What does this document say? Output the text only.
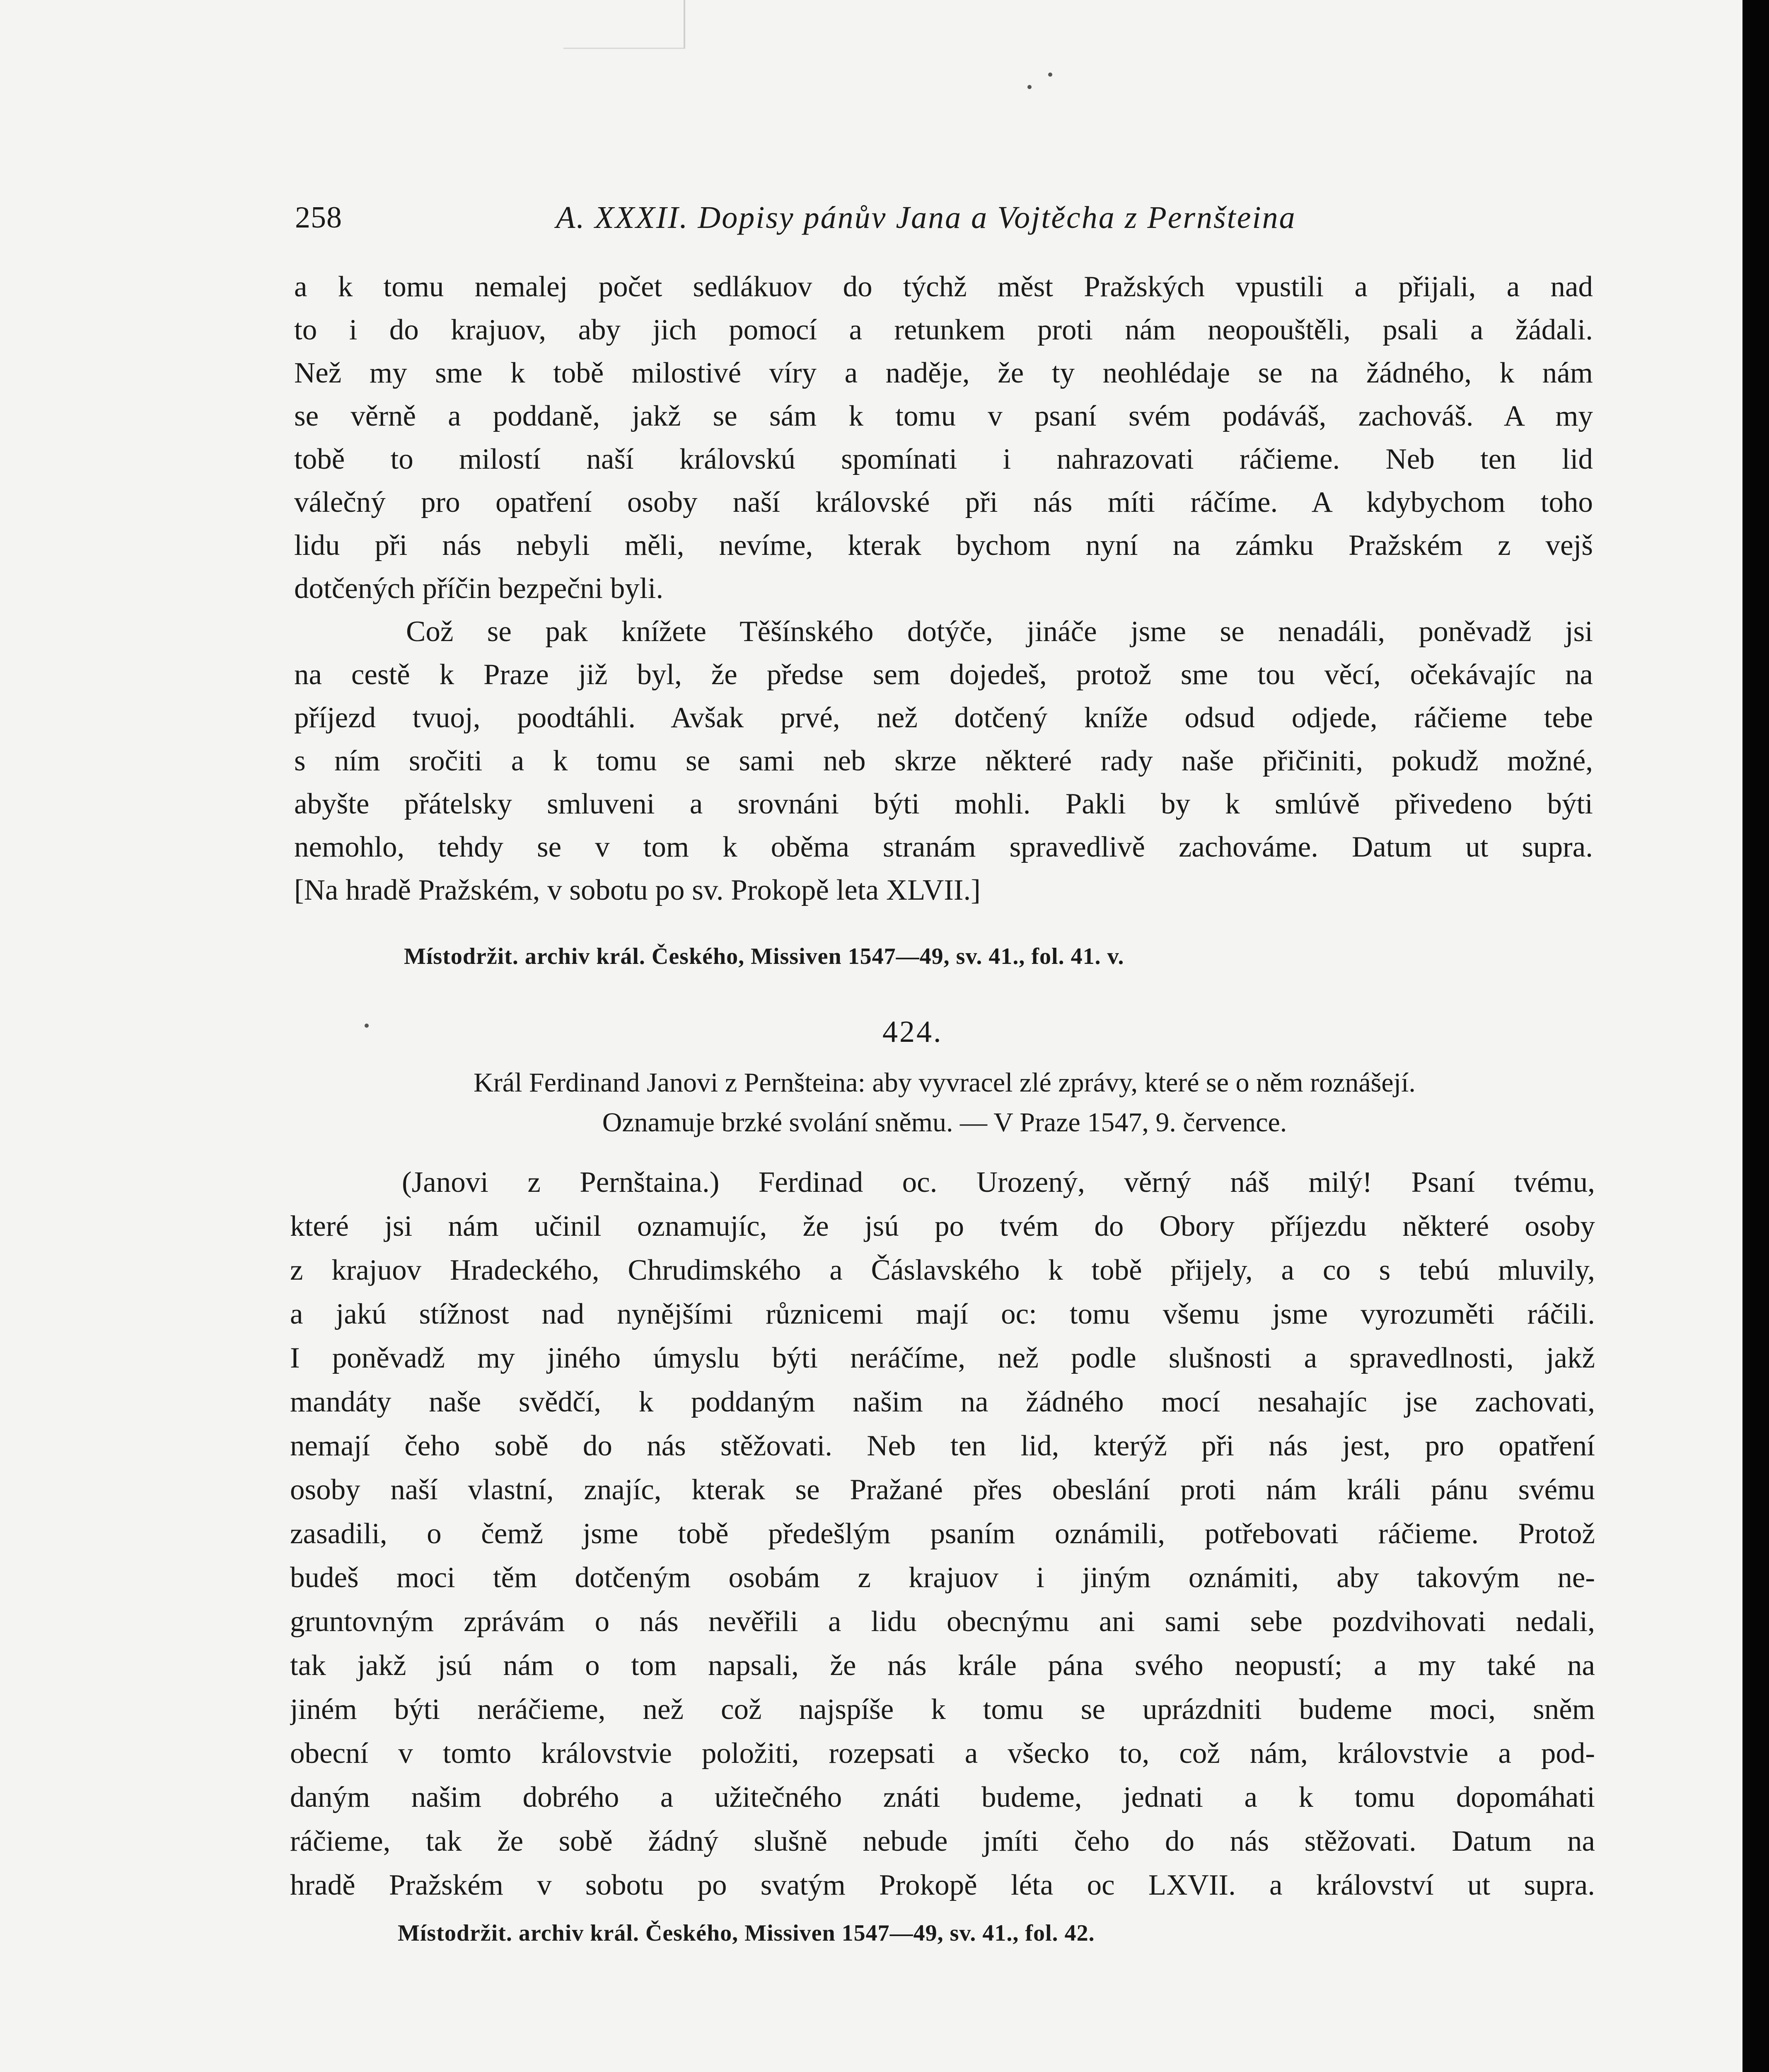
258	A. XXXII. Dopisy pánův Jana a Vojtěcha z Pernšteina
a k tomu nemalej počet sedlákuov do týchž měst Pražských vpustili a přijali, a nad
to i do krajuov, aby jich pomocí a retunkem proti nám neopouštěli, psali a žádali.
Než my sme k tobě milostivé víry a naděje, že ty neohlédaje se na žádného, k nám
se věrně a poddaně, jakž se sám k tomu v psaní svém podáváš, zachováš. A my
tobě to milostí naší královskú spomínati i nahrazovati ráčieme. Neb ten lid
válečný pro opatření osoby naší královské při nás míti ráčíme. A kdybychom toho
lidu při nás nebyli měli, nevíme, kterak bychom nyní na zámku Pražském z vejš
dotčených příčin bezpečni byli.
Což se pak knížete Těšínského dotýče, jináče jsme se nenadáli, poněvadž jsi
na cestě k Praze již byl, že předse sem dojedeš, protož sme tou věcí, očekávajíc na
příjezd tvuoj, poodtáhli. Avšak prvé, než dotčený kníže odsud odjede, ráčieme tebe
s ním sročiti a k tomu se sami neb skrze některé rady naše přičiniti, pokudž možné,
abyšte přátelsky smluveni a srovnáni býti mohli. Pakli by k smlúvě přivedeno býti
nemohlo, tehdy se v tom k oběma stranám spravedlivě zachováme. Datum ut supra.
[Na hradě Pražském, v sobotu po sv. Prokopě leta XLVII.]
Místodržit. archiv král. Českého, Missiven 1547—49, sv. 41., fol. 41. v.
424.
Král Ferdinand Janovi z Pernšteina: aby vyvracel zlé zprávy, které se o něm roznášejí.
Oznamuje brzké svolání sněmu. — V Praze 1547, 9. července.
(Janovi z Pernštaina.) Ferdinad oc. Urozený, věrný náš milý! Psaní tvému,
které jsi nám učinil oznamujíc, že jsú po tvém do Obory příjezdu některé osoby
z krajuov Hradeckého, Chrudimského a Čáslavského k tobě přijely, a co s tebú mluvily,
a jakú stížnost nad nynějšími různicemi mají oc: tomu všemu jsme vyrozuměti ráčili.
I poněvadž my jiného úmyslu býti neráčíme, než podle slušnosti a spravedlnosti, jakž
mandáty naše svědčí, k poddaným našim na žádného mocí nesahajíc jse zachovati,
nemají čeho sobě do nás stěžovati. Neb ten lid, kterýž při nás jest, pro opatření
osoby naší vlastní, znajíc, kterak se Pražané přes obeslání proti nám králi pánu svému
zasadili, o čemž jsme tobě předešlým psaním oznámili, potřebovati ráčieme. Protož
budeš moci těm dotčeným osobám z krajuov i jiným oznámiti, aby takovým ne-
gruntovným zprávám o nás nevěřili a lidu obecnýmu ani sami sebe pozdvihovati nedali,
tak jakž jsú nám o tom napsali, že nás krále pána svého neopustí; a my také na
jiném býti neráčieme, než což najspíše k tomu se uprázdniti budeme moci, sněm
obecní v tomto královstvie položiti, rozepsati a všecko to, což nám, královstvie a pod-
daným našim dobrého a užitečného znáti budeme, jednati a k tomu dopomáhati
ráčieme, tak že sobě žádný slušně nebude jmíti čeho do nás stěžovati. Datum na
hradě Pražském v sobotu po svatým Prokopě léta oc LXVII. a království ut supra.
Místodržit. archiv král. Českého, Missiven 1547—49, sv. 41., fol. 42.
